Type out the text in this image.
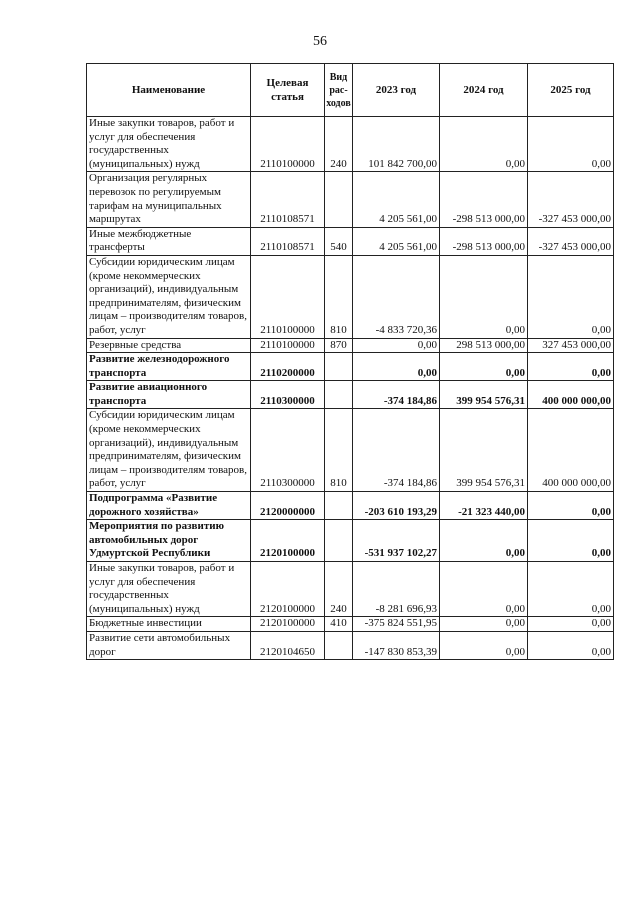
56
Наименование	Целевая статья	Вид рас-ходов	2023 год	2024 год	2025 год
Иные закупки товаров, работ и услуг для обеспечения государственных (муниципальных) нужд	2110100000	240	101 842 700,00	0,00	0,00
Организация регулярных перевозок по регулируемым тарифам на муниципальных маршрутах	2110108571		4 205 561,00	-298 513 000,00	-327 453 000,00
Иные межбюджетные трансферты	2110108571	540	4 205 561,00	-298 513 000,00	-327 453 000,00
Субсидии юридическим лицам (кроме некоммерческих организаций), индивидуальным предпринимателям, физическим лицам – производителям товаров, работ, услуг	2110100000	810	-4 833 720,36	0,00	0,00
Резервные средства	2110100000	870	0,00	298 513 000,00	327 453 000,00
Развитие железнодорожного транспорта	2110200000		0,00	0,00	0,00
Развитие авиационного транспорта	2110300000		-374 184,86	399 954 576,31	400 000 000,00
Субсидии юридическим лицам (кроме некоммерческих организаций), индивидуальным предпринимателям, физическим лицам – производителям товаров, работ, услуг	2110300000	810	-374 184,86	399 954 576,31	400 000 000,00
Подпрограмма «Развитие дорожного хозяйства»	2120000000		-203 610 193,29	-21 323 440,00	0,00
Мероприятия по развитию автомобильных дорог Удмуртской Республики	2120100000		-531 937 102,27	0,00	0,00
Иные закупки товаров, работ и услуг для обеспечения государственных (муниципальных) нужд	2120100000	240	-8 281 696,93	0,00	0,00
Бюджетные инвестиции	2120100000	410	-375 824 551,95	0,00	0,00
Развитие сети автомобильных дорог	2120104650		-147 830 853,39	0,00	0,00
